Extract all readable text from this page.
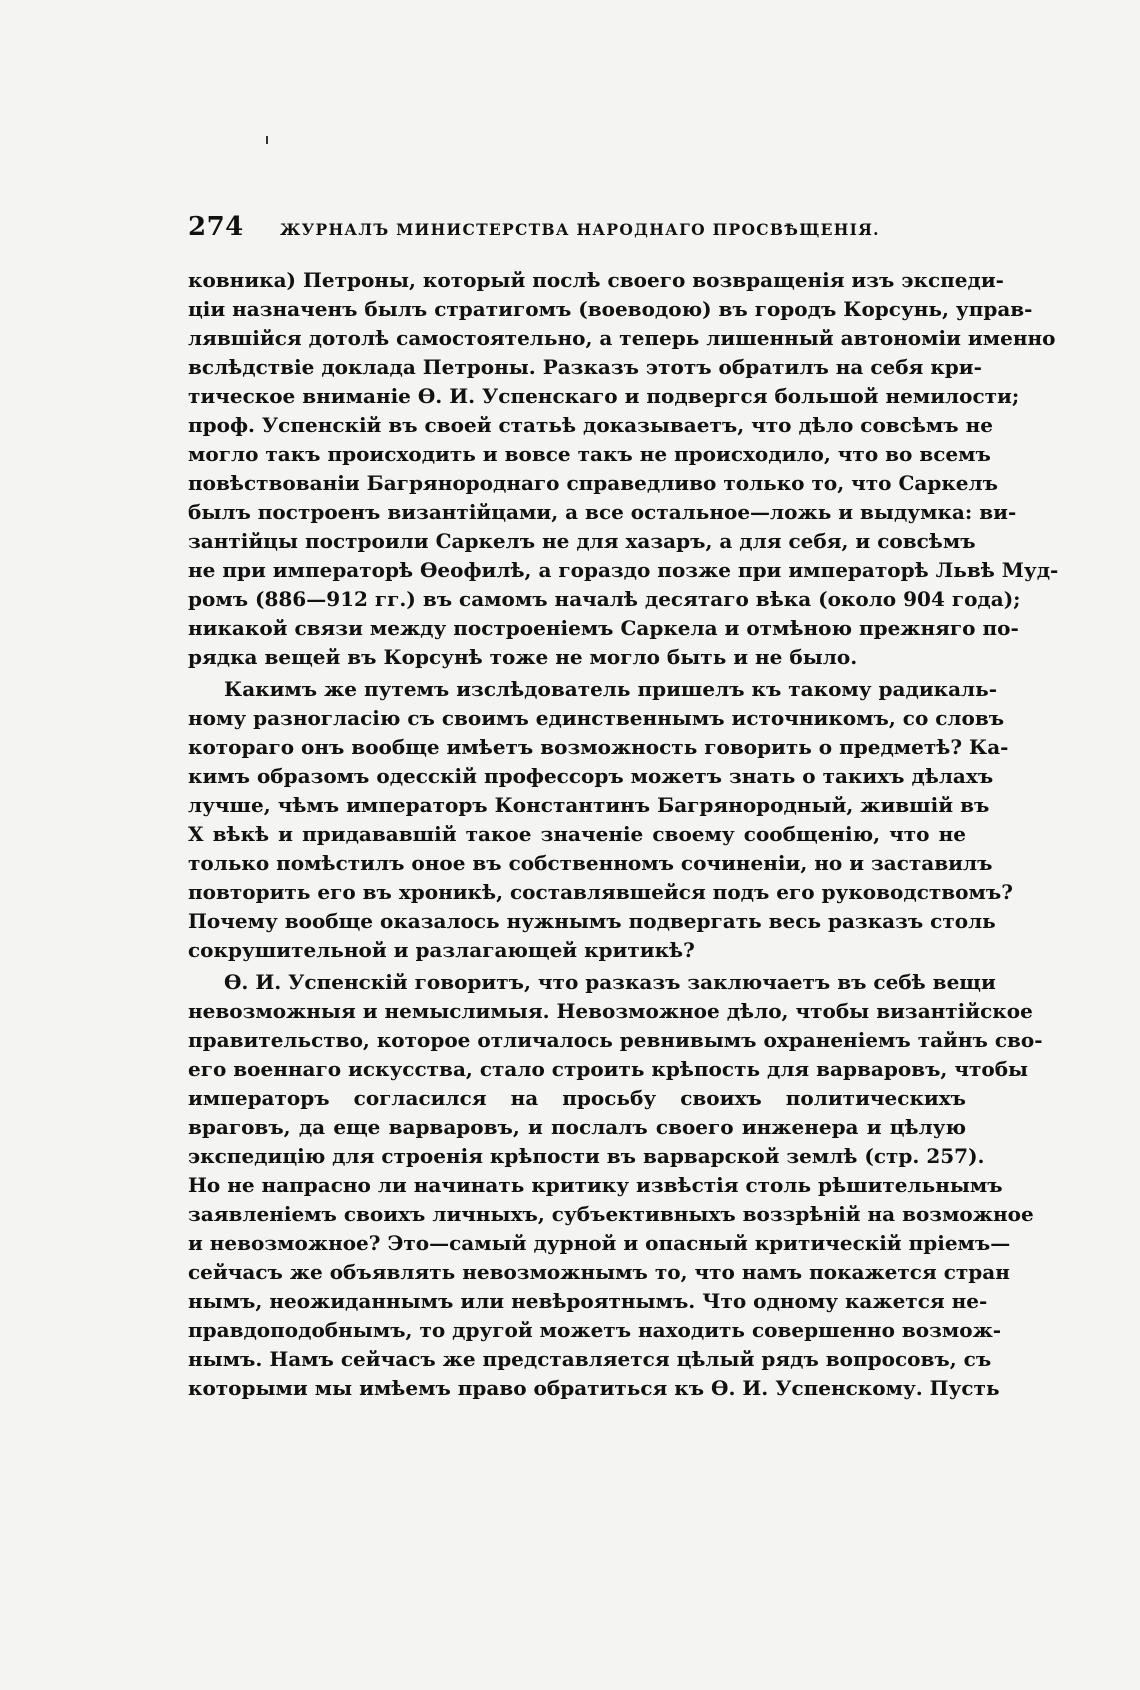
274 ЖУРНАЛЪ МИНИСТЕРСТВА НАРОДНАГО ПРОСВѢЩЕНІЯ.
ковника) Петроны, который послѣ своего возвращенія изъ экспеди-
ціи назначенъ былъ стратигомъ (воеводою) въ городъ Корсунь, управ-
лявшійся дотолѣ самостоятельно, а теперь лишенный автономіи именно
вслѣдствіе доклада Петроны. Разказъ этотъ обратилъ на себя кри-
тическое вниманіе Ѳ. И. Успенскаго и подвергся большой немилости;
проф. Успенскій въ своей статьѣ доказываетъ, что дѣло совсѣмъ не
могло такъ происходить и вовсе такъ не происходило, что во всемъ
повѣствованіи Багрянороднаго справедливо только то, что Саркелъ
былъ построенъ византійцами, а все остальное—ложь и выдумка: ви-
зантійцы построили Саркелъ не для хазаръ, а для себя, и совсѣмъ
не при императорѣ Ѳеофилѣ, а гораздо позже при императорѣ Львѣ Муд-
ромъ (886—912 гг.) въ самомъ началѣ десятаго вѣка (около 904 года);
никакой связи между построеніемъ Саркела и отмѣною прежняго по-
рядка вещей въ Корсунѣ тоже не могло быть и не было.
Какимъ же путемъ изслѣдователь пришелъ къ такому радикаль-
ному разногласію съ своимъ единственнымъ источникомъ, со словъ
котораго онъ вообще имѣетъ возможность говорить о предметѣ? Ка-
кимъ образомъ одесскій профессоръ можетъ знать о такихъ дѣлахъ
лучше, чѣмъ императоръ Константинъ Багрянородный, жившій въ
X вѣкѣ и придававшій такое значеніе своему сообщенію, что не
только помѣстилъ оное въ собственномъ сочиненіи, но и заставилъ
повторить его въ хроникѣ, составлявшейся подъ его руководствомъ?
Почему вообще оказалось нужнымъ подвергать весь разказъ столь
сокрушительной и разлагающей критикѣ?
Ѳ. И. Успенскій говоритъ, что разказъ заключаетъ въ себѣ вещи
невозможныя и немыслимыя. Невозможное дѣло, чтобы византійское
правительство, которое отличалось ревнивымъ охраненіемъ тайнъ сво-
его военнаго искусства, стало строить крѣпость для варваровъ, чтобы
императоръ согласился на просьбу своихъ политическихъ
враговъ, да еще варваровъ, и послалъ своего инженера и цѣлую
экспедицію для строенія крѣпости въ варварской землѣ (стр. 257).
Но не напрасно ли начинать критику извѣстія столь рѣшительнымъ
заявленіемъ своихъ личныхъ, субъективныхъ воззрѣній на возможное
и невозможное? Это—самый дурной и опасный критическій пріемъ—
сейчасъ же объявлять невозможнымъ то, что намъ покажется стран
нымъ, неожиданнымъ или невѣроятнымъ. Что одному кажется не-
правдоподобнымъ, то другой можетъ находить совершенно возмож-
нымъ. Намъ сейчасъ же представляется цѣлый рядъ вопросовъ, съ
которыми мы имѣемъ право обратиться къ Ѳ. И. Успенскому. Пусть
